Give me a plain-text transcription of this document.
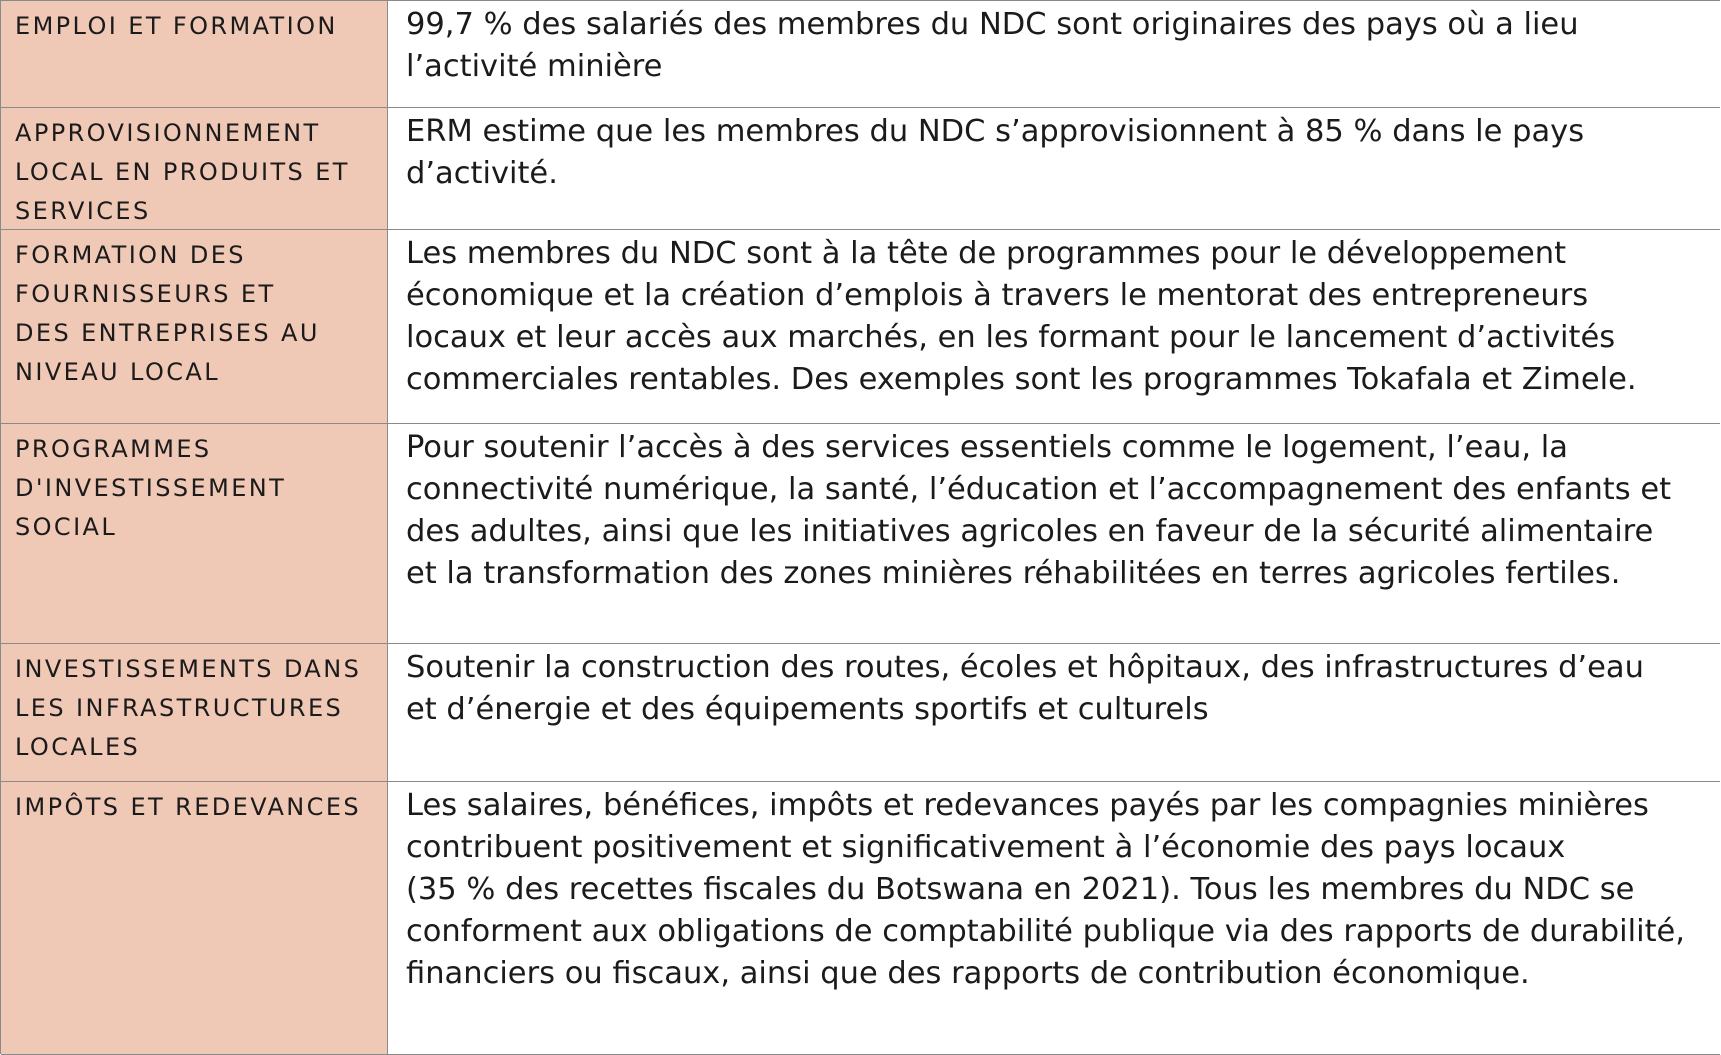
EMPLOI ET FORMATION	99,7 % des salariés des membres du NDC sont originaires des pays où a lieu
l’activité minière
APPROVISIONNEMENT
LOCAL EN PRODUITS ET
SERVICES
ERM estime que les membres du NDC s’approvisionnent à 85 % dans le pays
d’activité.
FORMATION DES
FOURNISSEURS ET
DES ENTREPRISES AU
NIVEAU LOCAL
Les membres du NDC sont à la tête de programmes pour le développement
économique et la création d’emplois à travers le mentorat des entrepreneurs
locaux et leur accès aux marchés, en les formant pour le lancement d’activités
commerciales rentables. Des exemples sont les programmes Tokafala et Zimele.
PROGRAMMES
D'INVESTISSEMENT
SOCIAL
Pour soutenir l’accès à des services essentiels comme le logement, l’eau, la
connectivité numérique, la santé, l’éducation et l’accompagnement des enfants et
des adultes, ainsi que les initiatives agricoles en faveur de la sécurité alimentaire
et la transformation des zones minières réhabilitées en terres agricoles fertiles.
INVESTISSEMENTS DANS
LES INFRASTRUCTURES
LOCALES
Soutenir la construction des routes, écoles et hôpitaux, des infrastructures d’eau
et d’énergie et des équipements sportifs et culturels
IMPÔTS ET REDEVANCES	Les salaires, bénéfices, impôts et redevances payés par les compagnies minières
contribuent positivement et significativement à l’économie des pays locaux
(35 % des recettes fiscales du Botswana en 2021). Tous les membres du NDC se
conforment aux obligations de comptabilité publique via des rapports de durabilité,
financiers ou fiscaux, ainsi que des rapports de contribution économique.
